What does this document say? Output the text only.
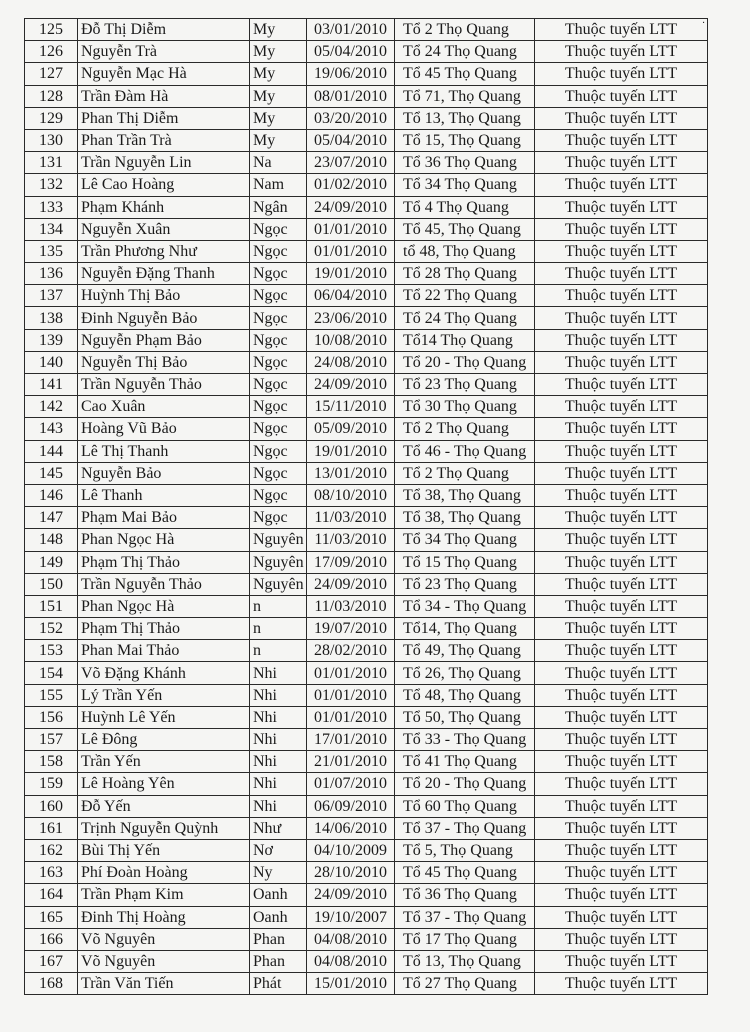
.
125	Đỗ Thị Diễm	My	03/01/2010	Tổ 2 Thọ Quang	Thuộc tuyến LTT
126	Nguyễn Trà	My	05/04/2010	Tổ 24 Thọ Quang	Thuộc tuyến LTT
127	Nguyễn Mạc Hà	My	19/06/2010	Tổ 45 Thọ Quang	Thuộc tuyến LTT
128	Trần Đàm Hà	My	08/01/2010	Tổ 71, Thọ Quang	Thuộc tuyến LTT
129	Phan Thị Diễm	My	03/20/2010	Tổ 13, Thọ Quang	Thuộc tuyến LTT
130	Phan Trần Trà	My	05/04/2010	Tổ 15, Thọ Quang	Thuộc tuyến LTT
131	Trần Nguyễn Lin	Na	23/07/2010	Tổ 36 Thọ Quang	Thuộc tuyến LTT
132	Lê Cao Hoàng	Nam	01/02/2010	Tổ 34 Thọ Quang	Thuộc tuyến LTT
133	Phạm Khánh	Ngân	24/09/2010	Tổ 4 Thọ Quang	Thuộc tuyến LTT
134	Nguyễn Xuân	Ngọc	01/01/2010	Tổ 45, Thọ Quang	Thuộc tuyến LTT
135	Trần Phương Như	Ngọc	01/01/2010	tổ 48, Thọ Quang	Thuộc tuyến LTT
136	Nguyễn Đặng Thanh	Ngọc	19/01/2010	Tổ 28 Thọ Quang	Thuộc tuyến LTT
137	Huỳnh Thị Bảo	Ngọc	06/04/2010	Tổ 22 Thọ Quang	Thuộc tuyến LTT
138	Đinh Nguyễn Bảo	Ngọc	23/06/2010	Tổ 24 Thọ Quang	Thuộc tuyến LTT
139	Nguyễn Phạm Bảo	Ngọc	10/08/2010	Tổ14 Thọ Quang	Thuộc tuyến LTT
140	Nguyễn Thị Bảo	Ngọc	24/08/2010	Tổ 20 - Thọ Quang	Thuộc tuyến LTT
141	Trần Nguyễn Thảo	Ngọc	24/09/2010	Tổ 23 Thọ Quang	Thuộc tuyến LTT
142	Cao Xuân	Ngọc	15/11/2010	Tổ 30 Thọ Quang	Thuộc tuyến LTT
143	Hoàng Vũ Bảo	Ngọc	05/09/2010	Tổ 2 Thọ Quang	Thuộc tuyến LTT
144	Lê Thị Thanh	Ngọc	19/01/2010	Tổ 46 - Thọ Quang	Thuộc tuyến LTT
145	Nguyễn Bảo	Ngọc	13/01/2010	Tổ 2 Thọ Quang	Thuộc tuyến LTT
146	Lê Thanh	Ngọc	08/10/2010	Tổ 38, Thọ Quang	Thuộc tuyến LTT
147	Phạm Mai Bảo	Ngọc	11/03/2010	Tổ 38, Thọ Quang	Thuộc tuyến LTT
148	Phan Ngọc Hà	Nguyên	11/03/2010	Tổ 34 Thọ Quang	Thuộc tuyến LTT
149	Phạm Thị Thảo	Nguyên	17/09/2010	Tổ 15 Thọ Quang	Thuộc tuyến LTT
150	Trần Nguyễn Thảo	Nguyên	24/09/2010	Tổ 23 Thọ Quang	Thuộc tuyến LTT
151	Phan Ngọc Hà	n	11/03/2010	Tổ 34 - Thọ Quang	Thuộc tuyến LTT
152	Phạm Thị Thảo	n	19/07/2010	Tổ14, Thọ Quang	Thuộc tuyến LTT
153	Phan Mai Thảo	n	28/02/2010	Tổ 49, Thọ Quang	Thuộc tuyến LTT
154	Võ Đặng Khánh	Nhi	01/01/2010	Tổ 26, Thọ Quang	Thuộc tuyến LTT
155	Lý Trần Yến	Nhi	01/01/2010	Tổ 48, Thọ Quang	Thuộc tuyến LTT
156	Huỳnh Lê Yến	Nhi	01/01/2010	Tổ 50, Thọ Quang	Thuộc tuyến LTT
157	Lê Đông	Nhi	17/01/2010	Tổ 33 - Thọ Quang	Thuộc tuyến LTT
158	Trần Yến	Nhi	21/01/2010	Tổ 41 Thọ Quang	Thuộc tuyến LTT
159	Lê Hoàng Yên	Nhi	01/07/2010	Tổ 20 - Thọ Quang	Thuộc tuyến LTT
160	Đỗ Yến	Nhi	06/09/2010	Tổ 60 Thọ Quang	Thuộc tuyến LTT
161	Trịnh Nguyễn Quỳnh	Như	14/06/2010	Tổ 37 - Thọ Quang	Thuộc tuyến LTT
162	Bùi Thị Yến	Nơ	04/10/2009	Tổ 5, Thọ Quang	Thuộc tuyến LTT
163	Phí Đoàn Hoàng	Ny	28/10/2010	Tổ 45 Thọ Quang	Thuộc tuyến LTT
164	Trần Phạm Kim	Oanh	24/09/2010	Tổ 36 Thọ Quang	Thuộc tuyến LTT
165	Đinh Thị Hoàng	Oanh	19/10/2007	Tổ 37 - Thọ Quang	Thuộc tuyến LTT
166	Võ Nguyên	Phan	04/08/2010	Tổ 17 Thọ Quang	Thuộc tuyến LTT
167	Võ Nguyên	Phan	04/08/2010	Tổ 13, Thọ Quang	Thuộc tuyến LTT
168	Trần Văn Tiến	Phát	15/01/2010	Tổ 27 Thọ Quang	Thuộc tuyến LTT
